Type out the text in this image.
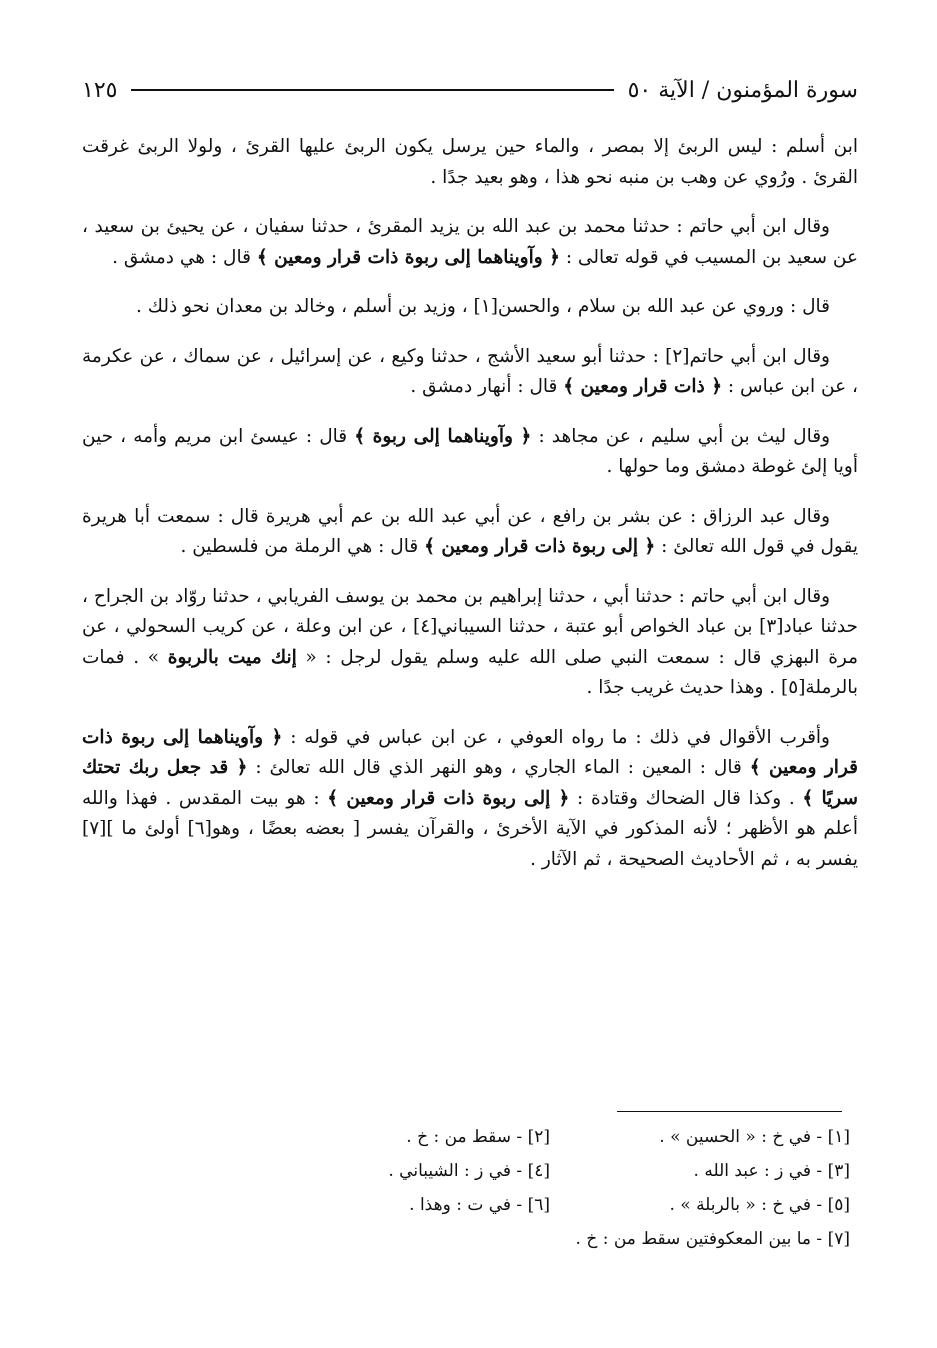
سورة المؤمنون / الآية ٥٠
١٢٥

ابن أسلم : ليس الربئ إلا بمصر ، والماء حين يرسل يكون الربئ عليها القرئ ، ولولا الربئ غرقت القرئ . ورُوي عن وهب بن منبه نحو هذا ، وهو بعيد جدًا .

وقال ابن أبي حاتم : حدثنا محمد بن عبد الله بن يزيد المقرئ ، حدثنا سفيان ، عن يحيئ بن سعيد ، عن سعيد بن المسيب في قوله تعالى : ﴿ وآويناهما إلى ربوة ذات قرار ومعين ﴾ قال : هي دمشق .

قال : وروي عن عبد الله بن سلام ، والحسن[١] ، وزيد بن أسلم ، وخالد بن معدان نحو ذلك .

وقال ابن أبي حاتم[٢] : حدثنا أبو سعيد الأشج ، حدثنا وكيع ، عن إسرائيل ، عن سماك ، عن عكرمة ، عن ابن عباس : ﴿ ذات قرار ومعين ﴾ قال : أنهار دمشق .

وقال ليث بن أبي سليم ، عن مجاهد : ﴿ وآويناهما إلى ربوة ﴾ قال : عيسئ ابن مريم وأمه ، حين أويا إلئ غوطة دمشق وما حولها .

وقال عبد الرزاق : عن بشر بن رافع ، عن أبي عبد الله بن عم أبي هريرة قال : سمعت أبا هريرة يقول في قول الله تعالئ : ﴿ إلى ربوة ذات قرار ومعين ﴾ قال : هي الرملة من فلسطين .

وقال ابن أبي حاتم : حدثنا أبي ، حدثنا إبراهيم بن محمد بن يوسف الفريابي ، حدثنا روّاد بن الجراح ، حدثنا عباد[٣] بن عباد الخواص أبو عتبة ، حدثنا السيباني[٤] ، عن ابن وعلة ، عن كريب السحولي ، عن مرة البهزي قال : سمعت النبي صلى الله عليه وسلم يقول لرجل : « إنك ميت بالربوة » . فمات بالرملة[٥] . وهذا حديث غريب جدًا .

وأقرب الأقوال في ذلك : ما رواه العوفي ، عن ابن عباس في قوله : ﴿ وآويناهما إلى ربوة ذات قرار ومعين ﴾ قال : المعين : الماء الجاري ، وهو النهر الذي قال الله تعالئ : ﴿ قد جعل ربك تحتك سريًا ﴾ . وكذا قال الضحاك وقتادة : ﴿ إلى ربوة ذات قرار ومعين ﴾ : هو بيت المقدس . فهذا والله أعلم هو الأظهر ؛ لأنه المذكور في الآية الأخرئ ، والقرآن يفسر [ بعضه بعضًا ، وهو[٦] أولئ ما ][٧] يفسر به ، ثم الأحاديث الصحيحة ، ثم الآثار .

[١] - في خ : « الحسين » .
[٢] - سقط من : خ .
[٣] - في ز : عبد الله .
[٤] - في ز : الشيباني .
[٥] - في خ : « بالربلة » .
[٦] - في ت : وهذا .
[٧] - ما بين المعكوفتين سقط من : خ .
